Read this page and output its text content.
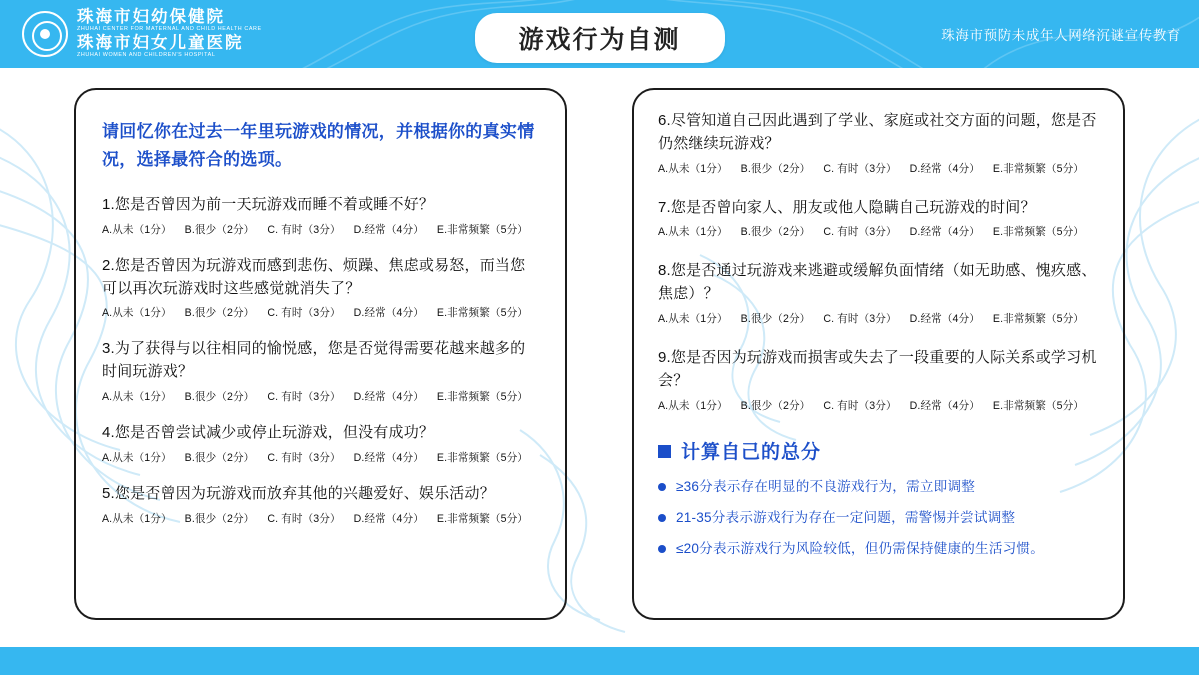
珠海市妇幼保健院
ZHUHAI CENTER FOR MATERNAL AND CHILD HEALTH CARE
珠海市妇女儿童医院
ZHUHAI WOMEN AND CHILDREN'S HOSPITAL
游戏行为自测	珠海市预防未成年人网络沉谜宣传教育
请回忆你在过去一年里玩游戏的情况，并根据你的真实情况，选择最符合的选项。
1.您是否曾因为前一天玩游戏而睡不着或睡不好？
A.从未（1分） B.很少（2分） C. 有时（3分） D.经常（4分） E.非常频繁（5分）
2.您是否曾因为玩游戏而感到悲伤、烦躁、焦虑或易怒，而当您可以再次玩游戏时这些感觉就消失了？
A.从未（1分） B.很少（2分） C. 有时（3分） D.经常（4分） E.非常频繁（5分）
3.为了获得与以往相同的愉悦感，您是否觉得需要花越来越多的时间玩游戏？
A.从未（1分） B.很少（2分） C. 有时（3分） D.经常（4分） E.非常频繁（5分）
4.您是否曾尝试减少或停止玩游戏，但没有成功？
A.从未（1分） B.很少（2分） C. 有时（3分） D.经常（4分） E.非常频繁（5分）
5.您是否曾因为玩游戏而放弃其他的兴趣爱好、娱乐活动？
A.从未（1分） B.很少（2分） C. 有时（3分） D.经常（4分） E.非常频繁（5分）
6.尽管知道自己因此遇到了学业、家庭或社交方面的问题，您是否仍然继续玩游戏？
A.从未（1分） B.很少（2分） C. 有时（3分） D.经常（4分） E.非常频繁（5分）
7.您是否曾向家人、朋友或他人隐瞒自己玩游戏的时间？
A.从未（1分） B.很少（2分） C. 有时（3分） D.经常（4分） E.非常频繁（5分）
8.您是否通过玩游戏来逃避或缓解负面情绪（如无助感、愧疚感、焦虑）？
A.从未（1分） B.很少（2分） C. 有时（3分） D.经常（4分） E.非常频繁（5分）
9.您是否因为玩游戏而损害或失去了一段重要的人际关系或学习机会？
A.从未（1分） B.很少（2分） C. 有时（3分） D.经常（4分） E.非常频繁（5分）
计算自己的总分
≥36分表示存在明显的不良游戏行为，需立即调整
21-35分表示游戏行为存在一定问题，需警惕并尝试调整
≤20分表示游戏行为风险较低，但仍需保持健康的生活习惯。
